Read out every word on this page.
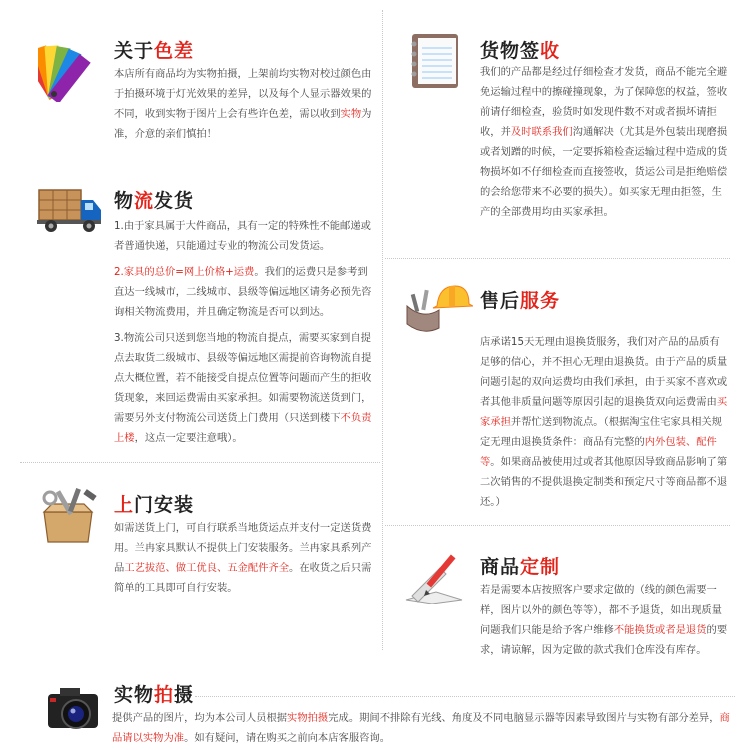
关于色差
本店所有商品均为实物拍摄，上架前均实物对校过颜色由于拍摄环境于灯光效果的差异，以及每个人显示器效果的不同，收到实物于图片上会有些许色差，需以收到实物为准，介意的亲们慎拍！
物流发货

1.由于家具属于大件商品，具有一定的特殊性不能邮递或者普通快递，只能通过专业的物流公司发货运。

2.家具的总价=网上价格+运费。我们的运费只是参考到直达一线城市，二线城市、县级等偏远地区请务必预先咨询相关物流费用，并且确定物流是否可以到达。

3.物流公司只送到您当地的物流自提点，需要买家到自提点去取货二级城市、县级等偏远地区需提前咨询物流自提点大概位置，若不能接受自提点位置等问题而产生的拒收货现象，来回运费需由买家承担。如需要物流送货到门，需要另外支付物流公司送货上门费用（只送到楼下不负责上楼，这点一定要注意哦）。

上门安装
如需送货上门，可自行联系当地货运点并支付一定送货费用。兰冉家具默认不提供上门安装服务。兰冉家具系列产品工艺拔范、做工优良、五金配件齐全。在收货之后只需简单的工具即可自行安装。
货物签收
我们的产品都是经过仔细检查才发货，商品不能完全避免运输过程中的擦碰撞现象，为了保障您的权益，签收前请仔细检查，验货时如发现件数不对或者损坏请拒收，并及时联系我们沟通解决（尤其是外包装出现磨损或者划蹭的时候，一定要拆箱检查运输过程中造成的货物损坏如不仔细检查而直接签收，货运公司是拒绝赔偿的会给您带来不必要的损失）。如买家无理由拒签，生产的全部费用均由买家承担。
售后服务
店承诺15天无理由退换货服务，我们对产品的品质有足够的信心，并不担心无理由退换货。由于产品的质量问题引起的双向运费均由我们承担，由于买家不喜欢或者其他非质量问题等原因引起的退换货双向运费需由买家承担并帮忙送到物流点。（根据淘宝住宅家具相关规定无理由退换货条件：商品有完整的内外包装、配件等。如果商品被使用过或者其他原因导致商品影响了第二次销售的不提供退换定制类和预定尺寸等商品都不退还。）
商品定制
若是需要本店按照客户要求定做的（线的颜色需要一样，图片以外的颜色等等），都不予退货，如出现质量问题我们只能是给予客户维修不能换货或者是退货的要求，请谅解，因为定做的款式我们仓库没有库存。
实物拍摄
提供产品的图片，均为本公司人员根据实物拍摄完成。期间不排除有光线、角度及不同电脑显示器等因素导致图片与实物有部分差异，商品请以实物为准。如有疑问，请在购买之前向本店客服咨询。
